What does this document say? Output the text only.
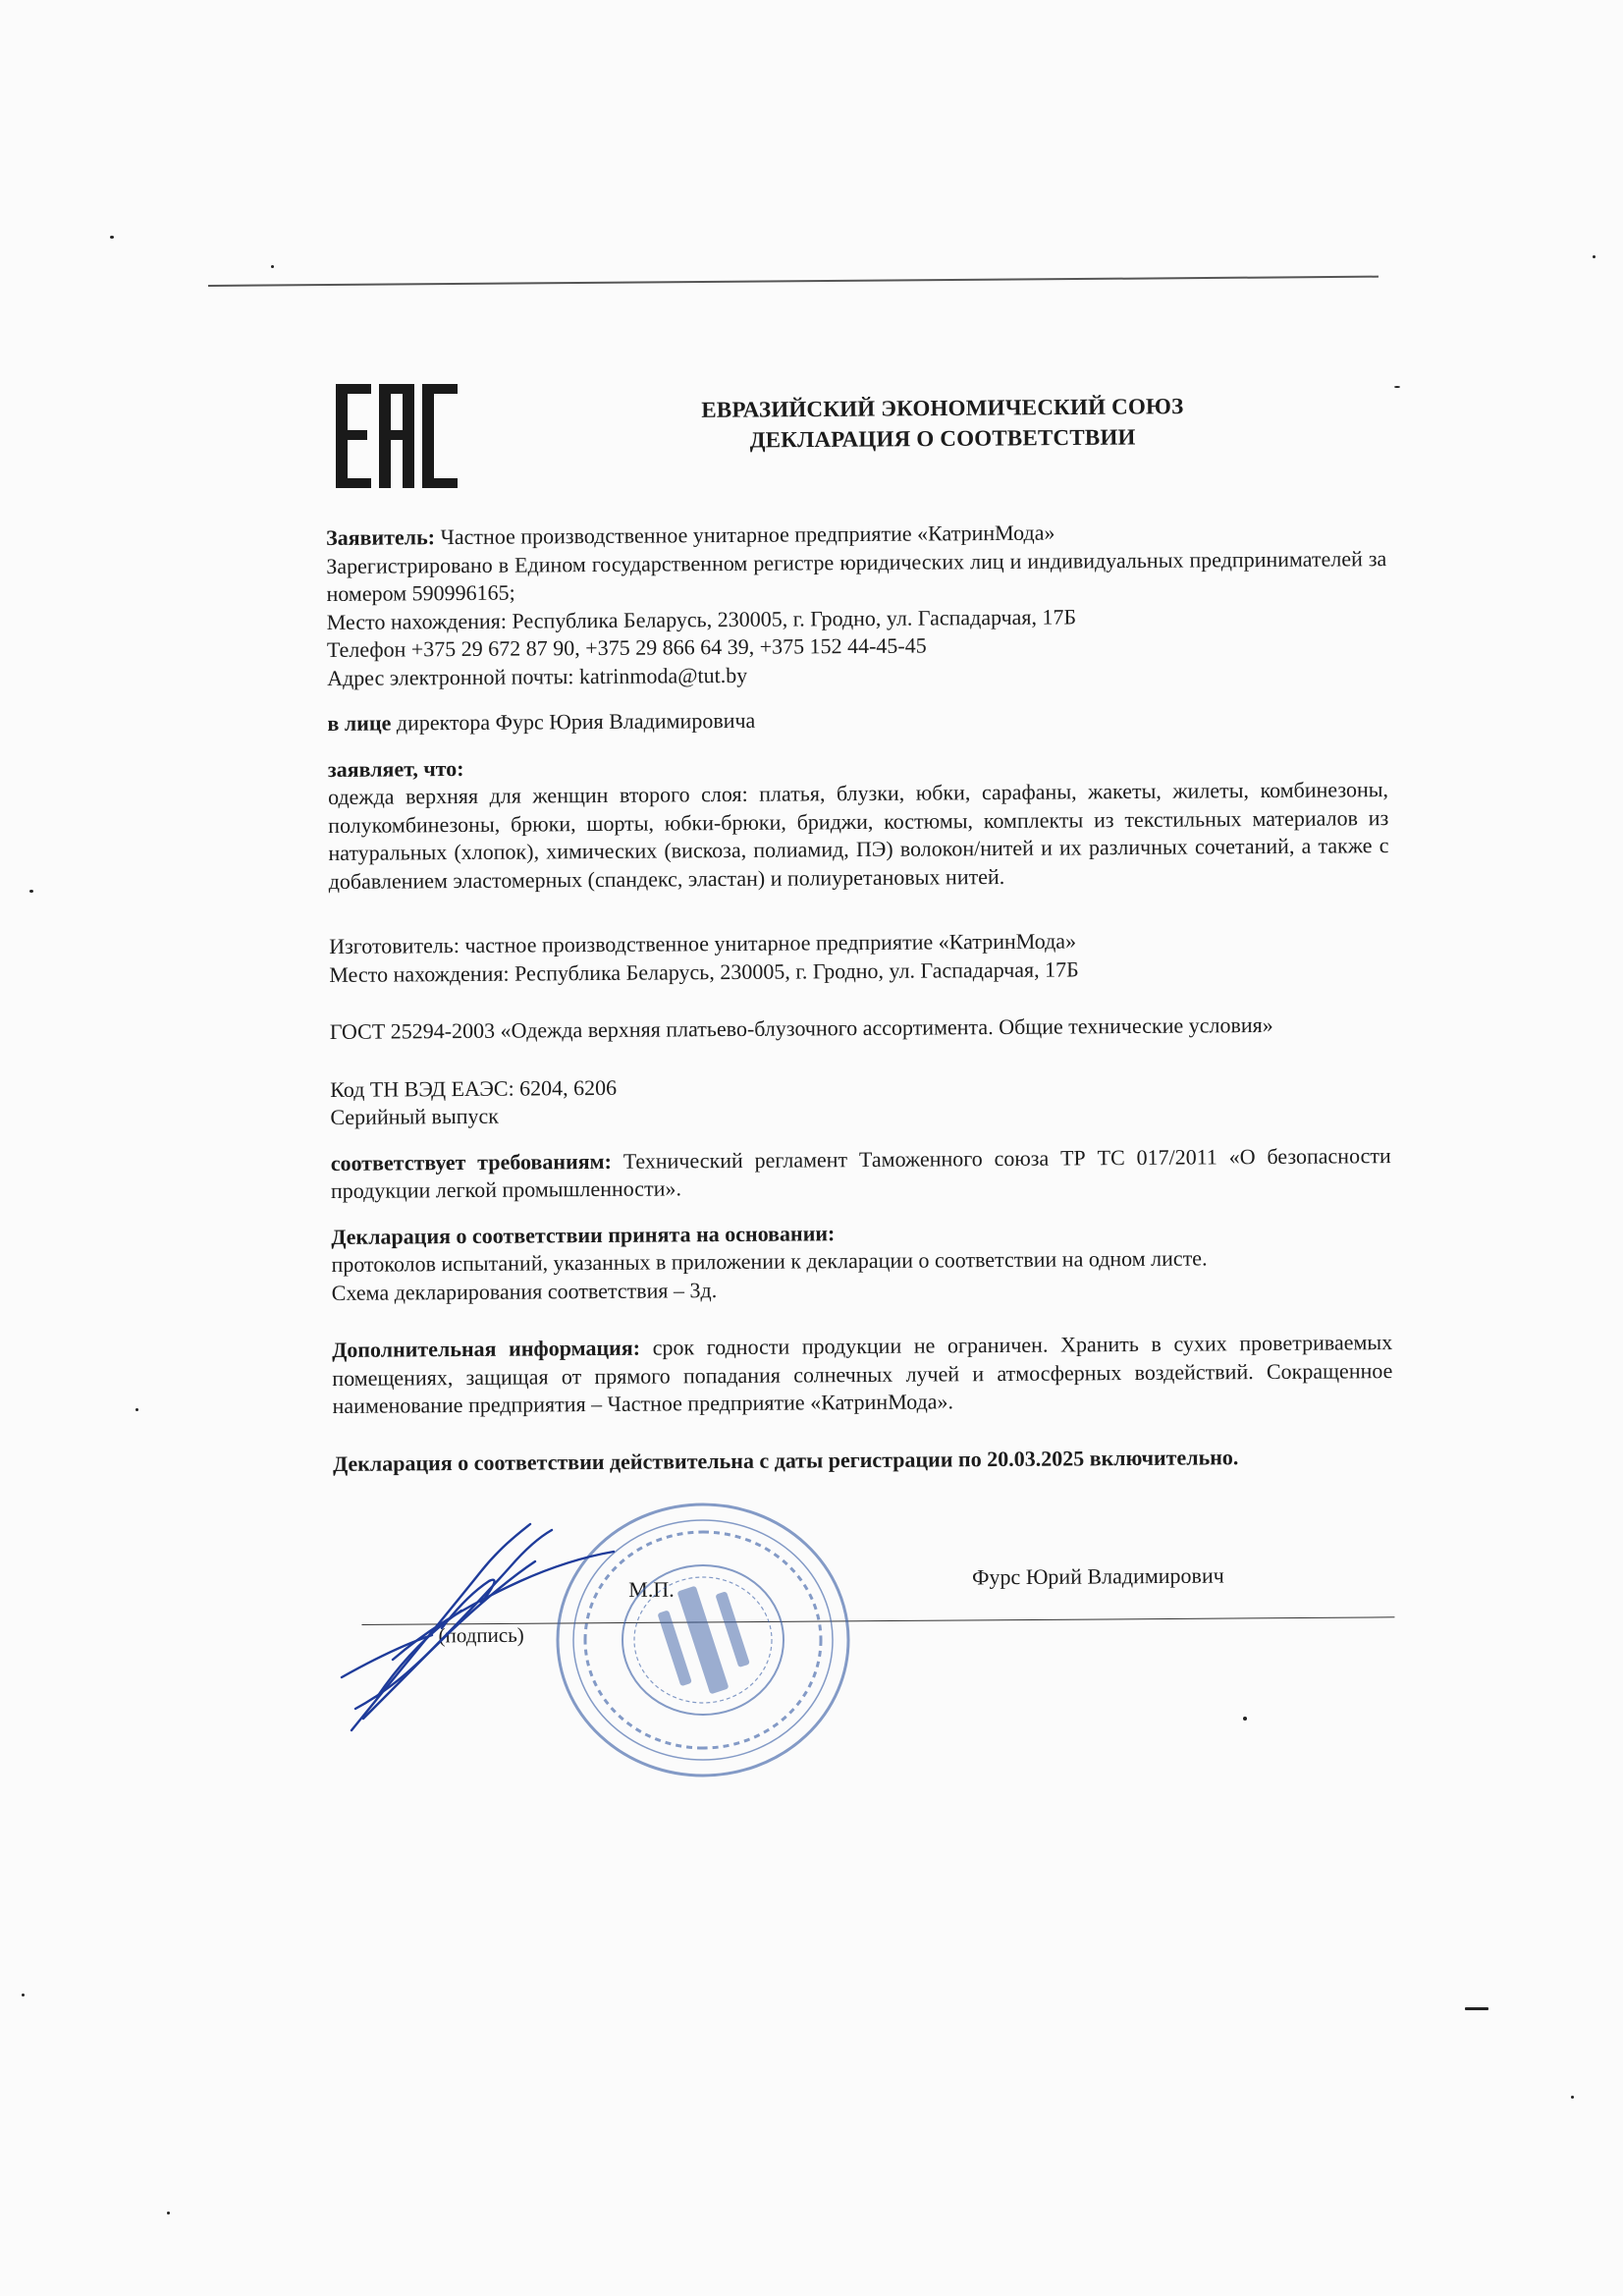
ЕВРАЗИЙСКИЙ ЭКОНОМИЧЕСКИЙ СОЮЗ
ДЕКЛАРАЦИЯ О СООТВЕТСТВИИ

Заявитель: Частное производственное унитарное предприятие «КатринМода»

Зарегистрировано в Едином государственном регистре юридических лиц и индивидуальных предпринимателей за номером 590996165;

Место нахождения: Республика Беларусь, 230005, г. Гродно, ул. Гаспадарчая, 17Б

Телефон +375 29 672 87 90, +375 29 866 64 39, +375 152 44-45-45

Адрес электронной почты: katrinmoda@tut.by

в лице директора Фурс Юрия Владимировича

заявляет, что:

одежда верхняя для женщин второго слоя: платья, блузки, юбки, сарафаны, жакеты, жилеты, комбинезоны, полукомбинезоны, брюки, шорты, юбки-брюки, бриджи, костюмы, комплекты из текстильных материалов из натуральных (хлопок), химических (вискоза, полиамид, ПЭ) волокон/нитей и их различных сочетаний, а также с добавлением эластомерных (спандекс, эластан) и полиуретановых нитей.

Изготовитель: частное производственное унитарное предприятие «КатринМода»

Место нахождения: Республика Беларусь, 230005, г. Гродно, ул. Гаспадарчая, 17Б

ГОСТ 25294-2003 «Одежда верхняя платьево-блузочного ассортимента. Общие технические условия»

Код ТН ВЭД ЕАЭС: 6204, 6206

Серийный выпуск

соответствует требованиям: Технический регламент Таможенного союза ТР ТС 017/2011 «О безопасности продукции легкой промышленности».

Декларация о соответствии принята на основании:

протоколов испытаний, указанных в приложении к декларации о соответствии на одном листе.

Схема декларирования соответствия – 3д.

Дополнительная информация: срок годности продукции не ограничен. Хранить в сухих проветриваемых помещениях, защищая от прямого попадания солнечных лучей и атмосферных воздействий. Сокращенное наименование предприятия – Частное предприятие «КатринМода».

Декларация о соответствии действительна с даты регистрации по 20.03.2025 включительно.

М.П.	Фурс Юрий Владимирович
(подпись)
